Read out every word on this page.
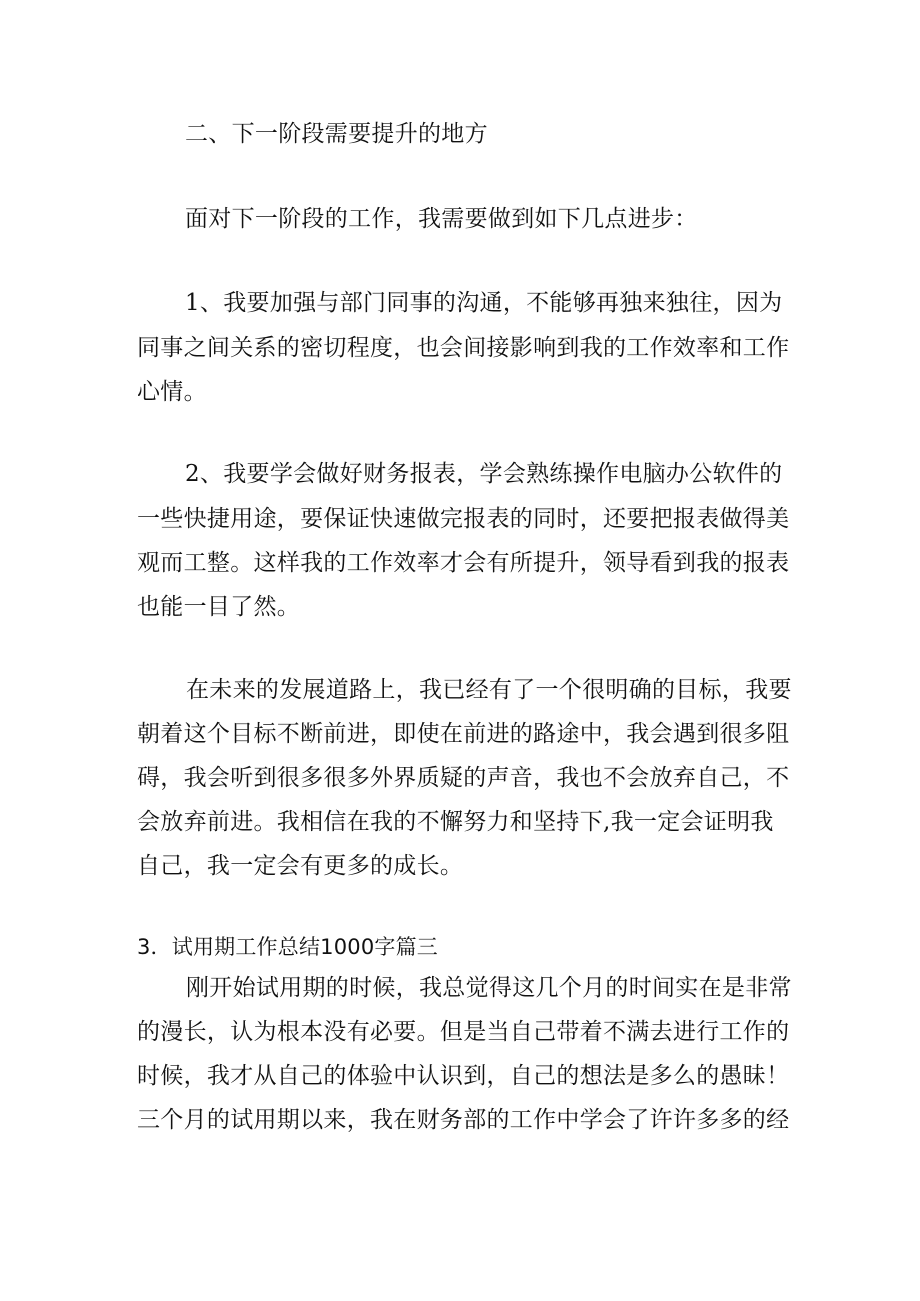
二、下一阶段需要提升的地方
面对下一阶段的工作，我需要做到如下几点进步：
1、我要加强与部门同事的沟通，不能够再独来独往，因为
同事之间关系的密切程度，也会间接影响到我的工作效率和工作
心情。
2、我要学会做好财务报表，学会熟练操作电脑办公软件的
一些快捷用途，要保证快速做完报表的同时，还要把报表做得美
观而工整。这样我的工作效率才会有所提升，领导看到我的报表
也能一目了然。
在未来的发展道路上，我已经有了一个很明确的目标，我要
朝着这个目标不断前进，即使在前进的路途中，我会遇到很多阻
碍，我会听到很多很多外界质疑的声音，我也不会放弃自己，不
会放弃前进。我相信在我的不懈努力和坚持下,我一定会证明我
自己，我一定会有更多的成长。
3．试用期工作总结1000字篇三
刚开始试用期的时候，我总觉得这几个月的时间实在是非常
的漫长，认为根本没有必要。但是当自己带着不满去进行工作的
时候，我才从自己的体验中认识到，自己的想法是多么的愚昧！
三个月的试用期以来，我在财务部的工作中学会了许许多多的经
